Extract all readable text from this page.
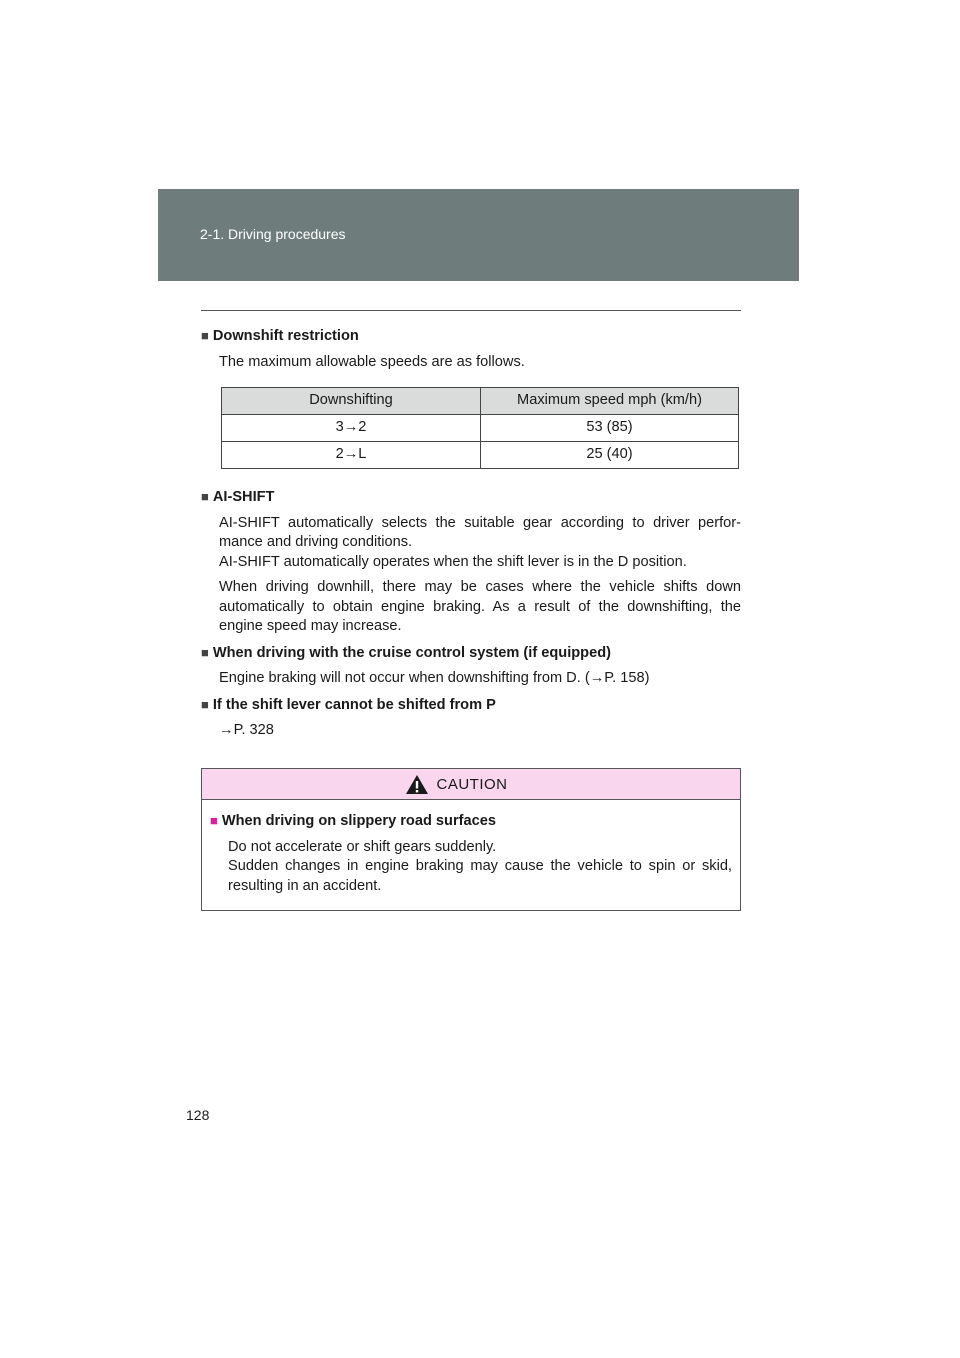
2-1. Driving procedures

■ Downshift restriction

The maximum allowable speeds are as follows.

Downshifting	Maximum speed mph (km/h)
3→2	53 (85)
2→L	25 (40)

■ AI-SHIFT

AI-SHIFT automatically selects the suitable gear according to driver perfor-
mance and driving conditions.
AI-SHIFT automatically operates when the shift lever is in the D position.

When driving downhill, there may be cases where the vehicle shifts down
automatically to obtain engine braking. As a result of the downshifting, the
engine speed may increase.

■ When driving with the cruise control system (if equipped)

Engine braking will not occur when downshifting from D. (→P. 158)

■ If the shift lever cannot be shifted from P

→P. 328

CAUTION
■ When driving on slippery road surfaces

Do not accelerate or shift gears suddenly.
Sudden changes in engine braking may cause the vehicle to spin or skid,
resulting in an accident.

128
